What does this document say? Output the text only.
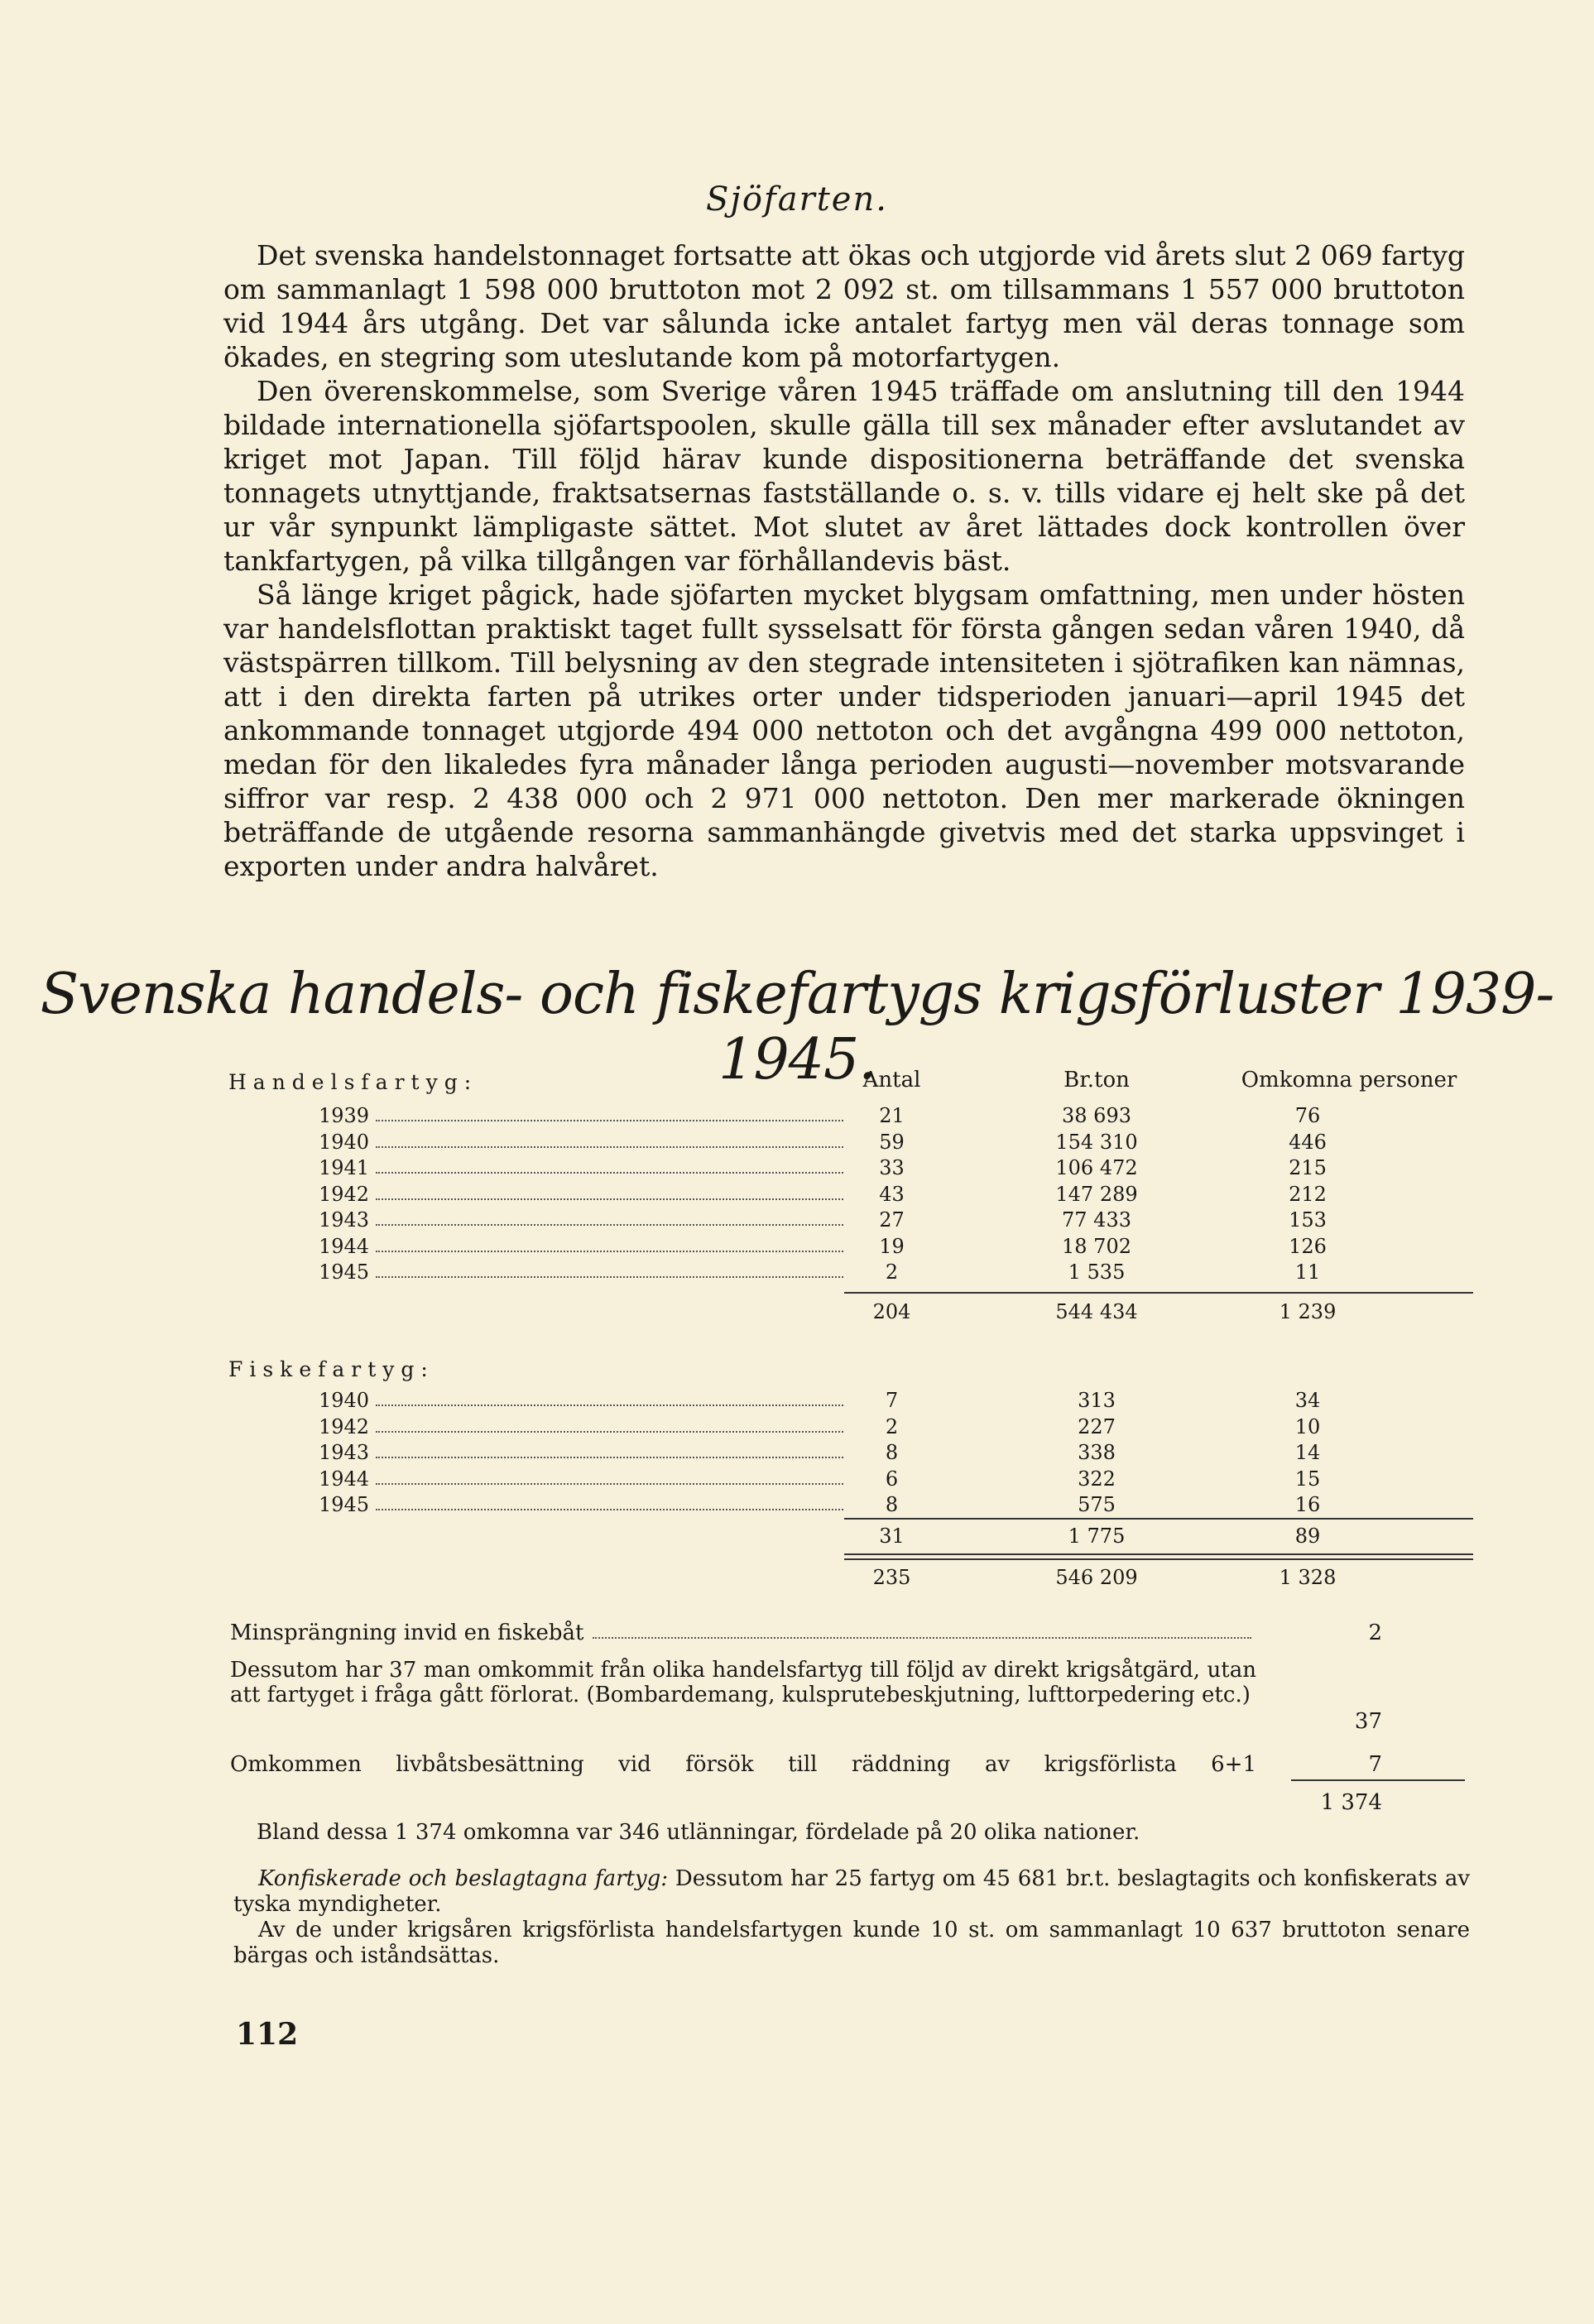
Sjöfarten.

Det svenska handelstonnaget fortsatte att ökas och utgjorde vid årets slut 2 069 fartyg om sammanlagt 1 598 000 bruttoton mot 2 092 st. om tillsammans 1 557 000 bruttoton vid 1944 års utgång. Det var sålunda icke antalet fartyg men väl deras tonnage som ökades, en stegring som uteslutande kom på motorfartygen.

Den överenskommelse, som Sverige våren 1945 träffade om anslutning till den 1944 bildade internationella sjöfartspoolen, skulle gälla till sex månader efter avslutandet av kriget mot Japan. Till följd härav kunde dispositionerna beträffande det svenska tonnagets utnyttjande, fraktsatsernas fastställande o. s. v. tills vidare ej helt ske på det ur vår synpunkt lämpligaste sättet. Mot slutet av året lättades dock kontrollen över tankfartygen, på vilka tillgången var förhållandevis bäst.

Så länge kriget pågick, hade sjöfarten mycket blygsam omfattning, men under hösten var handelsflottan praktiskt taget fullt sysselsatt för första gången sedan våren 1940, då västspärren tillkom. Till belysning av den stegrade intensiteten i sjötrafiken kan nämnas, att i den direkta farten på utrikes orter under tidsperioden januari—april 1945 det ankommande tonnaget utgjorde 494 000 nettoton och det avgångna 499 000 nettoton, medan för den likaledes fyra månader långa perioden augusti—november motsvarande siffror var resp. 2 438 000 och 2 971 000 nettoton. Den mer markerade ökningen beträffande de utgående resorna sammanhängde givetvis med det starka uppsvinget i exporten under andra halvåret.

Svenska handels- och fiskefartygs krigsförluster 1939-1945.
Antal	Br.ton	Omkomna personer
Handelsfartyg:
1939	21	38 693	76
1940	59	154 310	446
1941	33	106 472	215
1942	43	147 289	212
1943	27	77 433	153
1944	19	18 702	126
1945	2	1 535	11
204	544 434	1 239
Fiskefartyg:
1940	7	313	34
1942	2	227	10
1943	8	338	14
1944	6	322	15
1945	8	575	16
31	1 775	89
235	546 209	1 328
Minsprängning invid en fiskebåt	2
Dessutom har 37 man omkommit från olika handelsfartyg till följd av direkt krigsåtgärd, utan att fartyget i fråga gått förlorat. (Bombardemang, kulsprutebeskjutning, lufttorpedering etc.)
37
Omkommen livbåtsbesättning vid försök till räddning av krigsförlista 6+1	7
1 374
Bland dessa 1 374 omkomna var 346 utlänningar, fördelade på 20 olika nationer.

Konfiskerade och beslagtagna fartyg: Dessutom har 25 fartyg om 45 681 br.t. beslagtagits och konfiskerats av tyska myndigheter.

Av de under krigsåren krigsförlista handelsfartygen kunde 10 st. om sammanlagt 10 637 bruttoton senare bärgas och iståndsättas.

112
